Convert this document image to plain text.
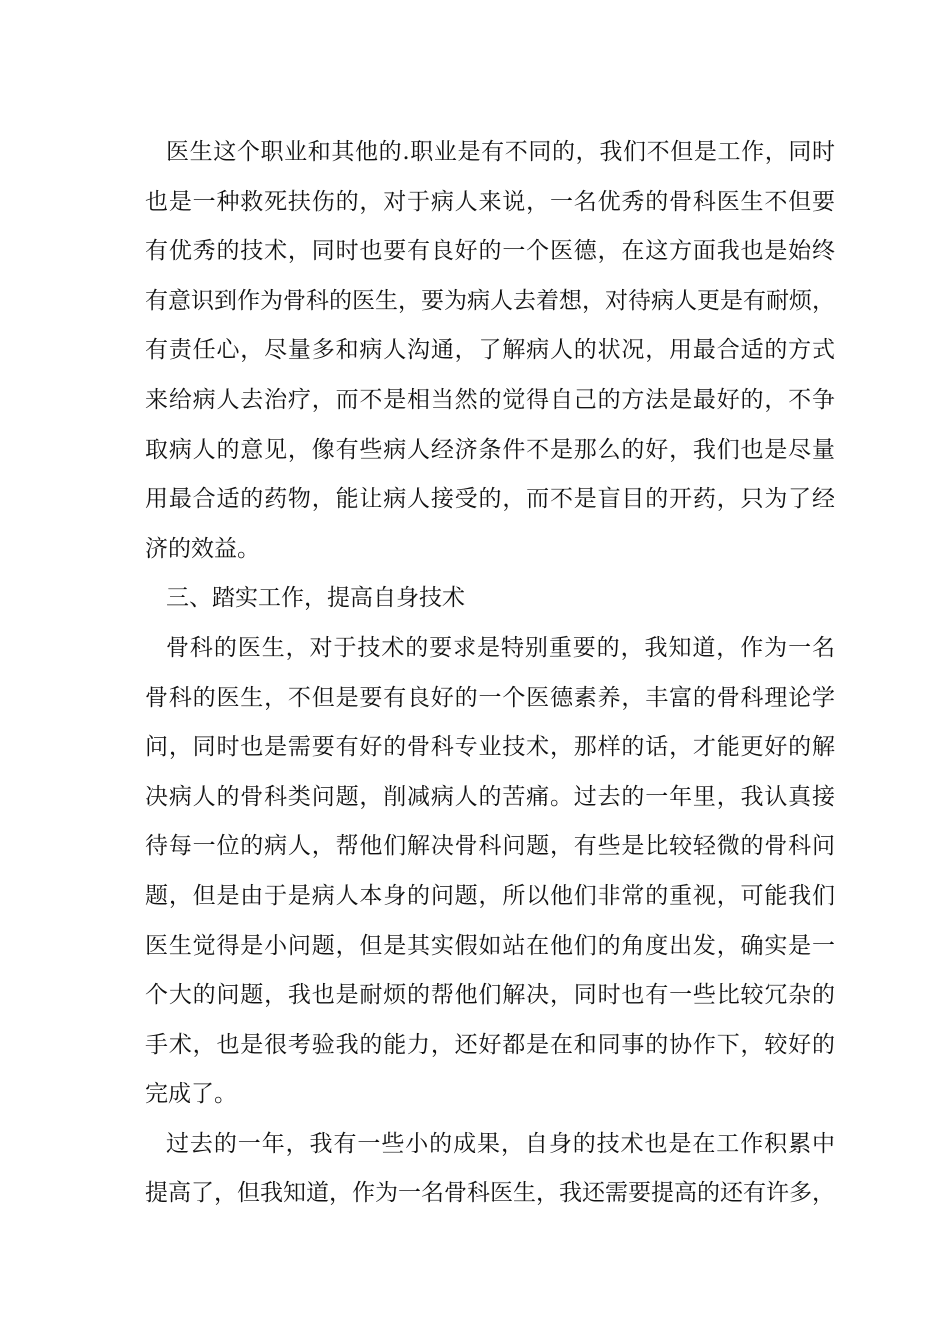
医生这个职业和其他的.职业是有不同的，我们不但是工作，同时
也是一种救死扶伤的，对于病人来说，一名优秀的骨科医生不但要
有优秀的技术，同时也要有良好的一个医德，在这方面我也是始终
有意识到作为骨科的医生，要为病人去着想，对待病人更是有耐烦，
有责任心，尽量多和病人沟通，了解病人的状况，用最合适的方式
来给病人去治疗，而不是相当然的觉得自己的方法是最好的，不争
取病人的意见，像有些病人经济条件不是那么的好，我们也是尽量
用最合适的药物，能让病人接受的，而不是盲目的开药，只为了经
济的效益。
三、踏实工作，提高自身技术
骨科的医生，对于技术的要求是特别重要的，我知道，作为一名
骨科的医生，不但是要有良好的一个医德素养，丰富的骨科理论学
问，同时也是需要有好的骨科专业技术，那样的话，才能更好的解
决病人的骨科类问题，削减病人的苦痛。过去的一年里，我认真接
待每一位的病人，帮他们解决骨科问题，有些是比较轻微的骨科问
题，但是由于是病人本身的问题，所以他们非常的重视，可能我们
医生觉得是小问题，但是其实假如站在他们的角度出发，确实是一
个大的问题，我也是耐烦的帮他们解决，同时也有一些比较冗杂的
手术，也是很考验我的能力，还好都是在和同事的协作下，较好的
完成了。
过去的一年，我有一些小的成果，自身的技术也是在工作积累中
提高了，但我知道，作为一名骨科医生，我还需要提高的还有许多，
